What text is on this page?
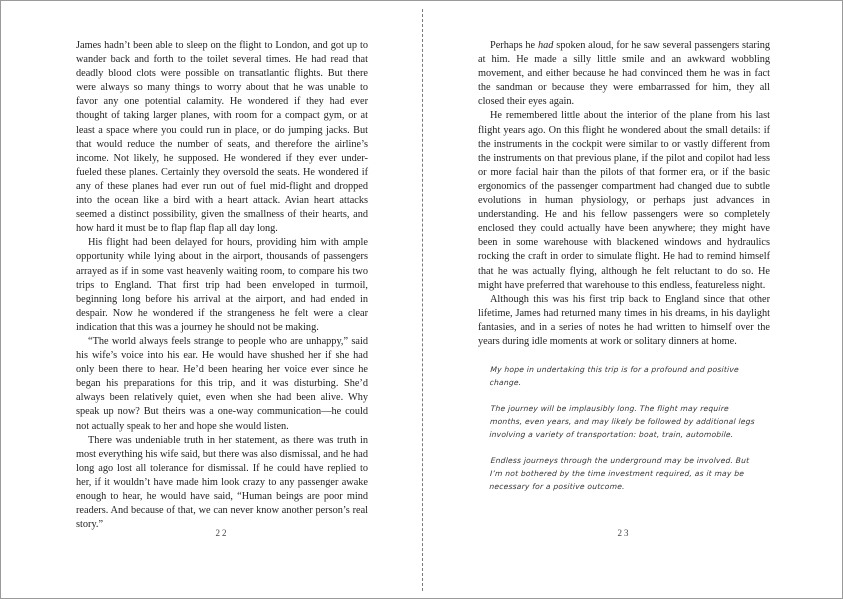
James hadn’t been able to sleep on the flight to London, and got up to wander back and forth to the toilet several times. He had read that deadly blood clots were possible on transatlantic flights. But there were always so many things to worry about that he was unable to favor any one potential calamity. He wondered if they had ever thought of taking larger planes, with room for a compact gym, or at least a space where you could run in place, or do jumping jacks. But that would reduce the number of seats, and therefore the airline’s income. Not likely, he supposed. He wondered if they ever under-fueled these planes. Certainly they oversold the seats. He wondered if any of these planes had ever run out of fuel mid-flight and dropped into the ocean like a bird with a heart attack. Avian heart attacks seemed a distinct possibility, given the smallness of their hearts, and how hard it must be to flap flap flap all day long.

His flight had been delayed for hours, providing him with ample opportunity while lying about in the airport, thousands of passengers arrayed as if in some vast heavenly waiting room, to compare his two trips to England. That first trip had been enveloped in turmoil, beginning long before his arrival at the airport, and had ended in despair. Now he wondered if the strangeness he felt were a clear indication that this was a journey he should not be making.

“The world always feels strange to people who are unhappy,” said his wife’s voice into his ear. He would have shushed her if she had only been there to hear. He’d been hearing her voice ever since he began his preparations for this trip, and it was disturbing. She’d always been relatively quiet, even when she had been alive. Why speak up now? But theirs was a one-way communication—he could not actually speak to her and hope she would listen.

There was undeniable truth in her statement, as there was truth in most everything his wife said, but there was also dismissal, and he had long ago lost all tolerance for dismissal. If he could have replied to her, if it wouldn’t have made him look crazy to any passenger awake enough to hear, he would have said, “Human beings are poor mind readers. And because of that, we can never know another person’s real story.”

22

Perhaps he had spoken aloud, for he saw several passengers staring at him. He made a silly little smile and an awkward wobbling movement, and either because he had convinced them he was in fact the sandman or because they were embarrassed for him, they all closed their eyes again.

He remembered little about the interior of the plane from his last flight years ago. On this flight he wondered about the small details: if the instruments in the cockpit were similar to or vastly different from the instruments on that previous plane, if the pilot and copilot had less or more facial hair than the pilots of that former era, or if the basic ergonomics of the passenger compartment had changed due to subtle evolutions in human physiology, or perhaps just advances in understanding. He and his fellow passengers were so completely enclosed they could actually have been anywhere; they might have been in some warehouse with blackened windows and hydraulics rocking the craft in order to simulate flight. He had to remind himself that he was actually flying, although he felt reluctant to do so. He might have preferred that warehouse to this endless, featureless night.

Although this was his first trip back to England since that other lifetime, James had returned many times in his dreams, in his daylight fantasies, and in a series of notes he had written to himself over the years during idle moments at work or solitary dinners at home.

My hope in undertaking this trip is for a profound and positive change.

The journey will be implausibly long. The flight may require months, even years, and may likely be followed by additional legs involving a variety of transportation: boat, train, automobile.

Endless journeys through the underground may be involved. But I’m not bothered by the time investment required, as it may be necessary for a positive outcome.

23
